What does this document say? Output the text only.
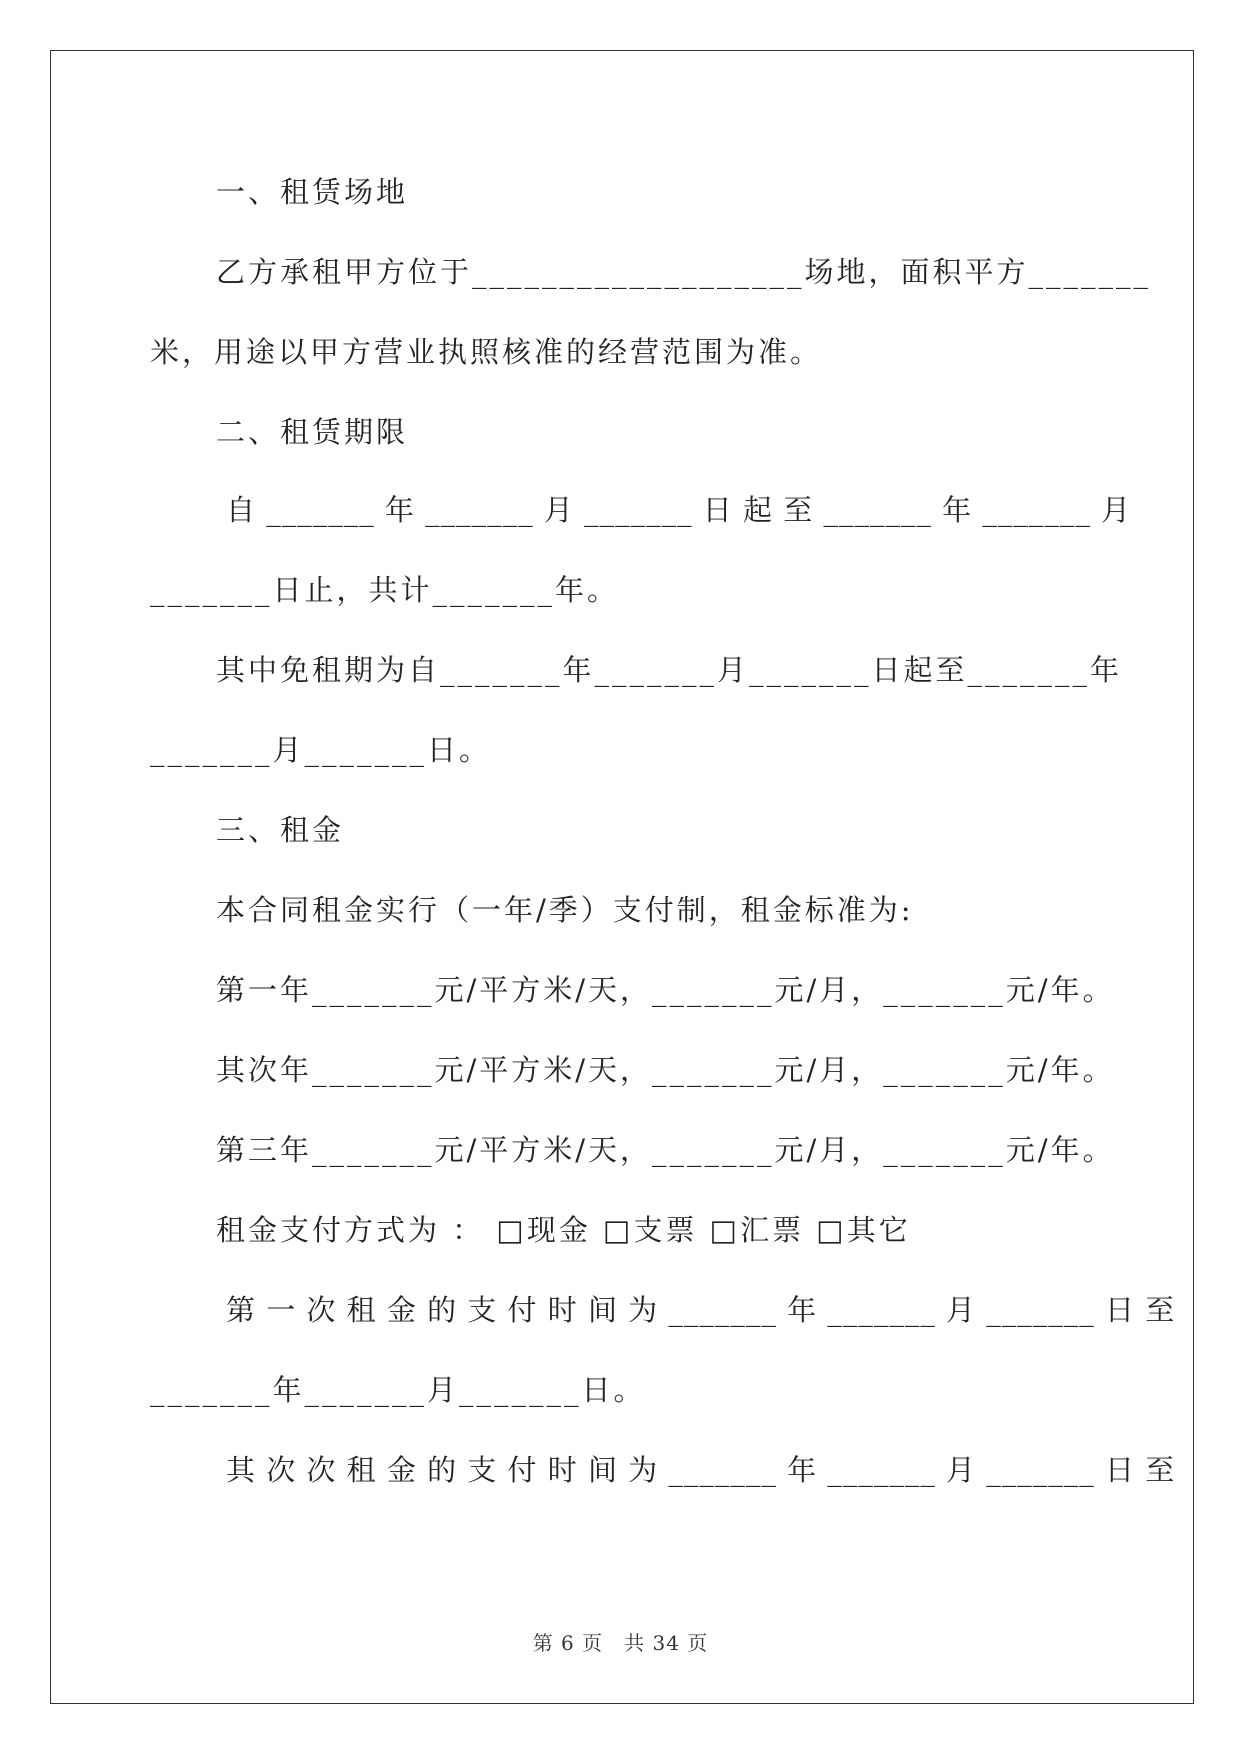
一、租赁场地
乙方承租甲方位于___________________场地，面积平方_______
米，用途以甲方营业执照核准的经营范围为准。
二、租赁期限
自 _______ 年 _______ 月 _______ 日 起 至 _______ 年 _______ 月
_______日止，共计_______年。
其中免租期为自_______年_______月_______日起至_______年
_______月_______日。
三、租金
本合同租金实行（一年/季）支付制，租金标准为:
第一年_______元/平方米/天，_______元/月，_______元/年。
其次年_______元/平方米/天，_______元/月，_______元/年。
第三年_______元/平方米/天，_______元/月，_______元/年。
租金支付方式为 ： □现金 □支票 □汇票 □其它
第 一 次 租 金 的 支 付 时 间 为 _______ 年 _______ 月 _______ 日 至
_______年_______月_______日。
其 次 次 租 金 的 支 付 时 间 为 _______ 年 _______ 月 _______ 日 至
第 6 页　共 34 页
